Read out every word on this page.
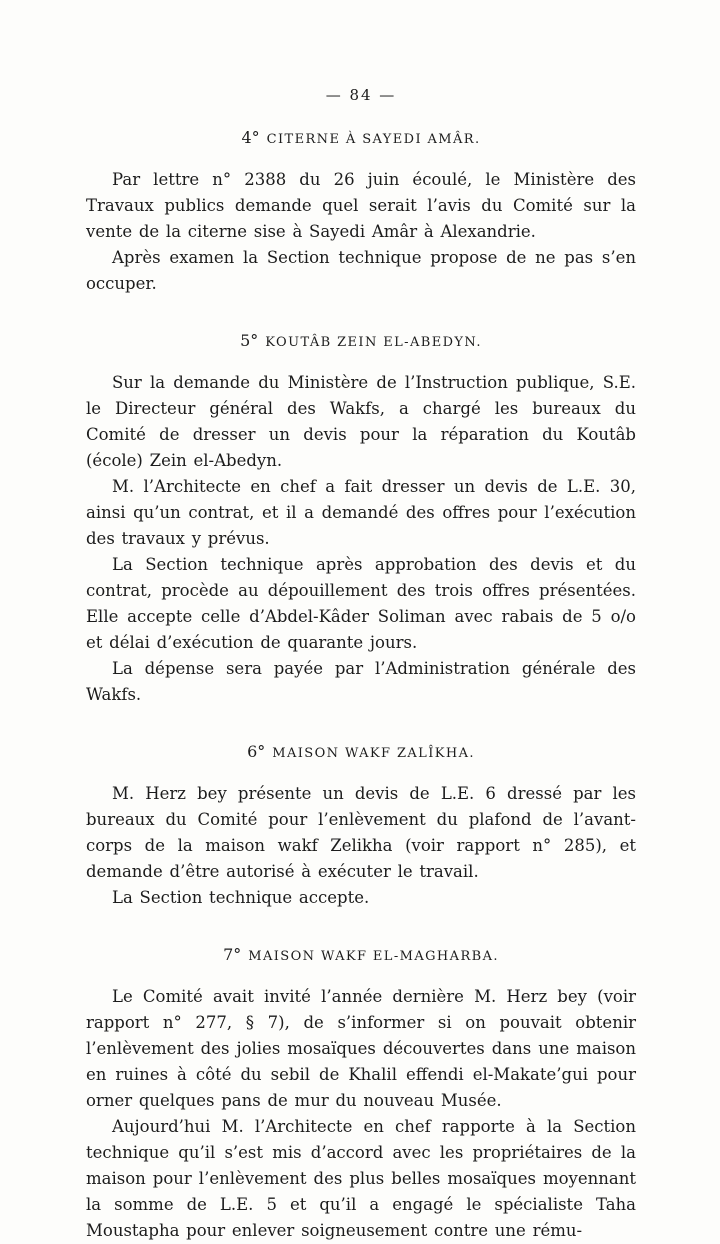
— 84 —
4° CITERNE À SAYEDI AMÂR.

Par lettre n° 2388 du 26 juin écoulé, le Ministère des Travaux publics demande quel serait l’avis du Comité sur la vente de la citerne sise à Sayedi Amâr à Alexandrie.

Après examen la Section technique propose de ne pas s’en occuper.

5° KOUTÂB ZEIN EL-ABEDYN.

Sur la demande du Ministère de l’Instruction publique, S.E. le Directeur général des Wakfs, a chargé les bureaux du Comité de dresser un devis pour la réparation du Koutâb (école) Zein el-Abedyn.

M. l’Architecte en chef a fait dresser un devis de L.E. 30, ainsi qu’un contrat, et il a demandé des offres pour l’exécution des travaux y prévus.

La Section technique après approbation des devis et du contrat, procède au dépouillement des trois offres présentées. Elle accepte celle d’Abdel-Kâder Soliman avec rabais de 5 o/o et délai d’exécution de quarante jours.

La dépense sera payée par l’Administration générale des Wakfs.

6° MAISON WAKF ZALÎKHA.

M. Herz bey présente un devis de L.E. 6 dressé par les bureaux du Comité pour l’enlèvement du plafond de l’avant-corps de la maison wakf Zelikha (voir rapport n° 285), et demande d’être autorisé à exécuter le travail.

La Section technique accepte.

7° MAISON WAKF EL-MAGHARBA.

Le Comité avait invité l’année dernière M. Herz bey (voir rapport n° 277, § 7), de s’informer si on pouvait obtenir l’enlèvement des jolies mosaïques découvertes dans une maison en ruines à côté du sebil de Khalil effendi el-Makate’gui pour orner quelques pans de mur du nouveau Musée.

Aujourd’hui M. l’Architecte en chef rapporte à la Section technique qu’il s’est mis d’accord avec les propriétaires de la maison pour l’enlèvement des plus belles mosaïques moyennant la somme de L.E. 5 et qu’il a engagé le spécialiste Taha Moustapha pour enlever soigneusement contre une rému-
